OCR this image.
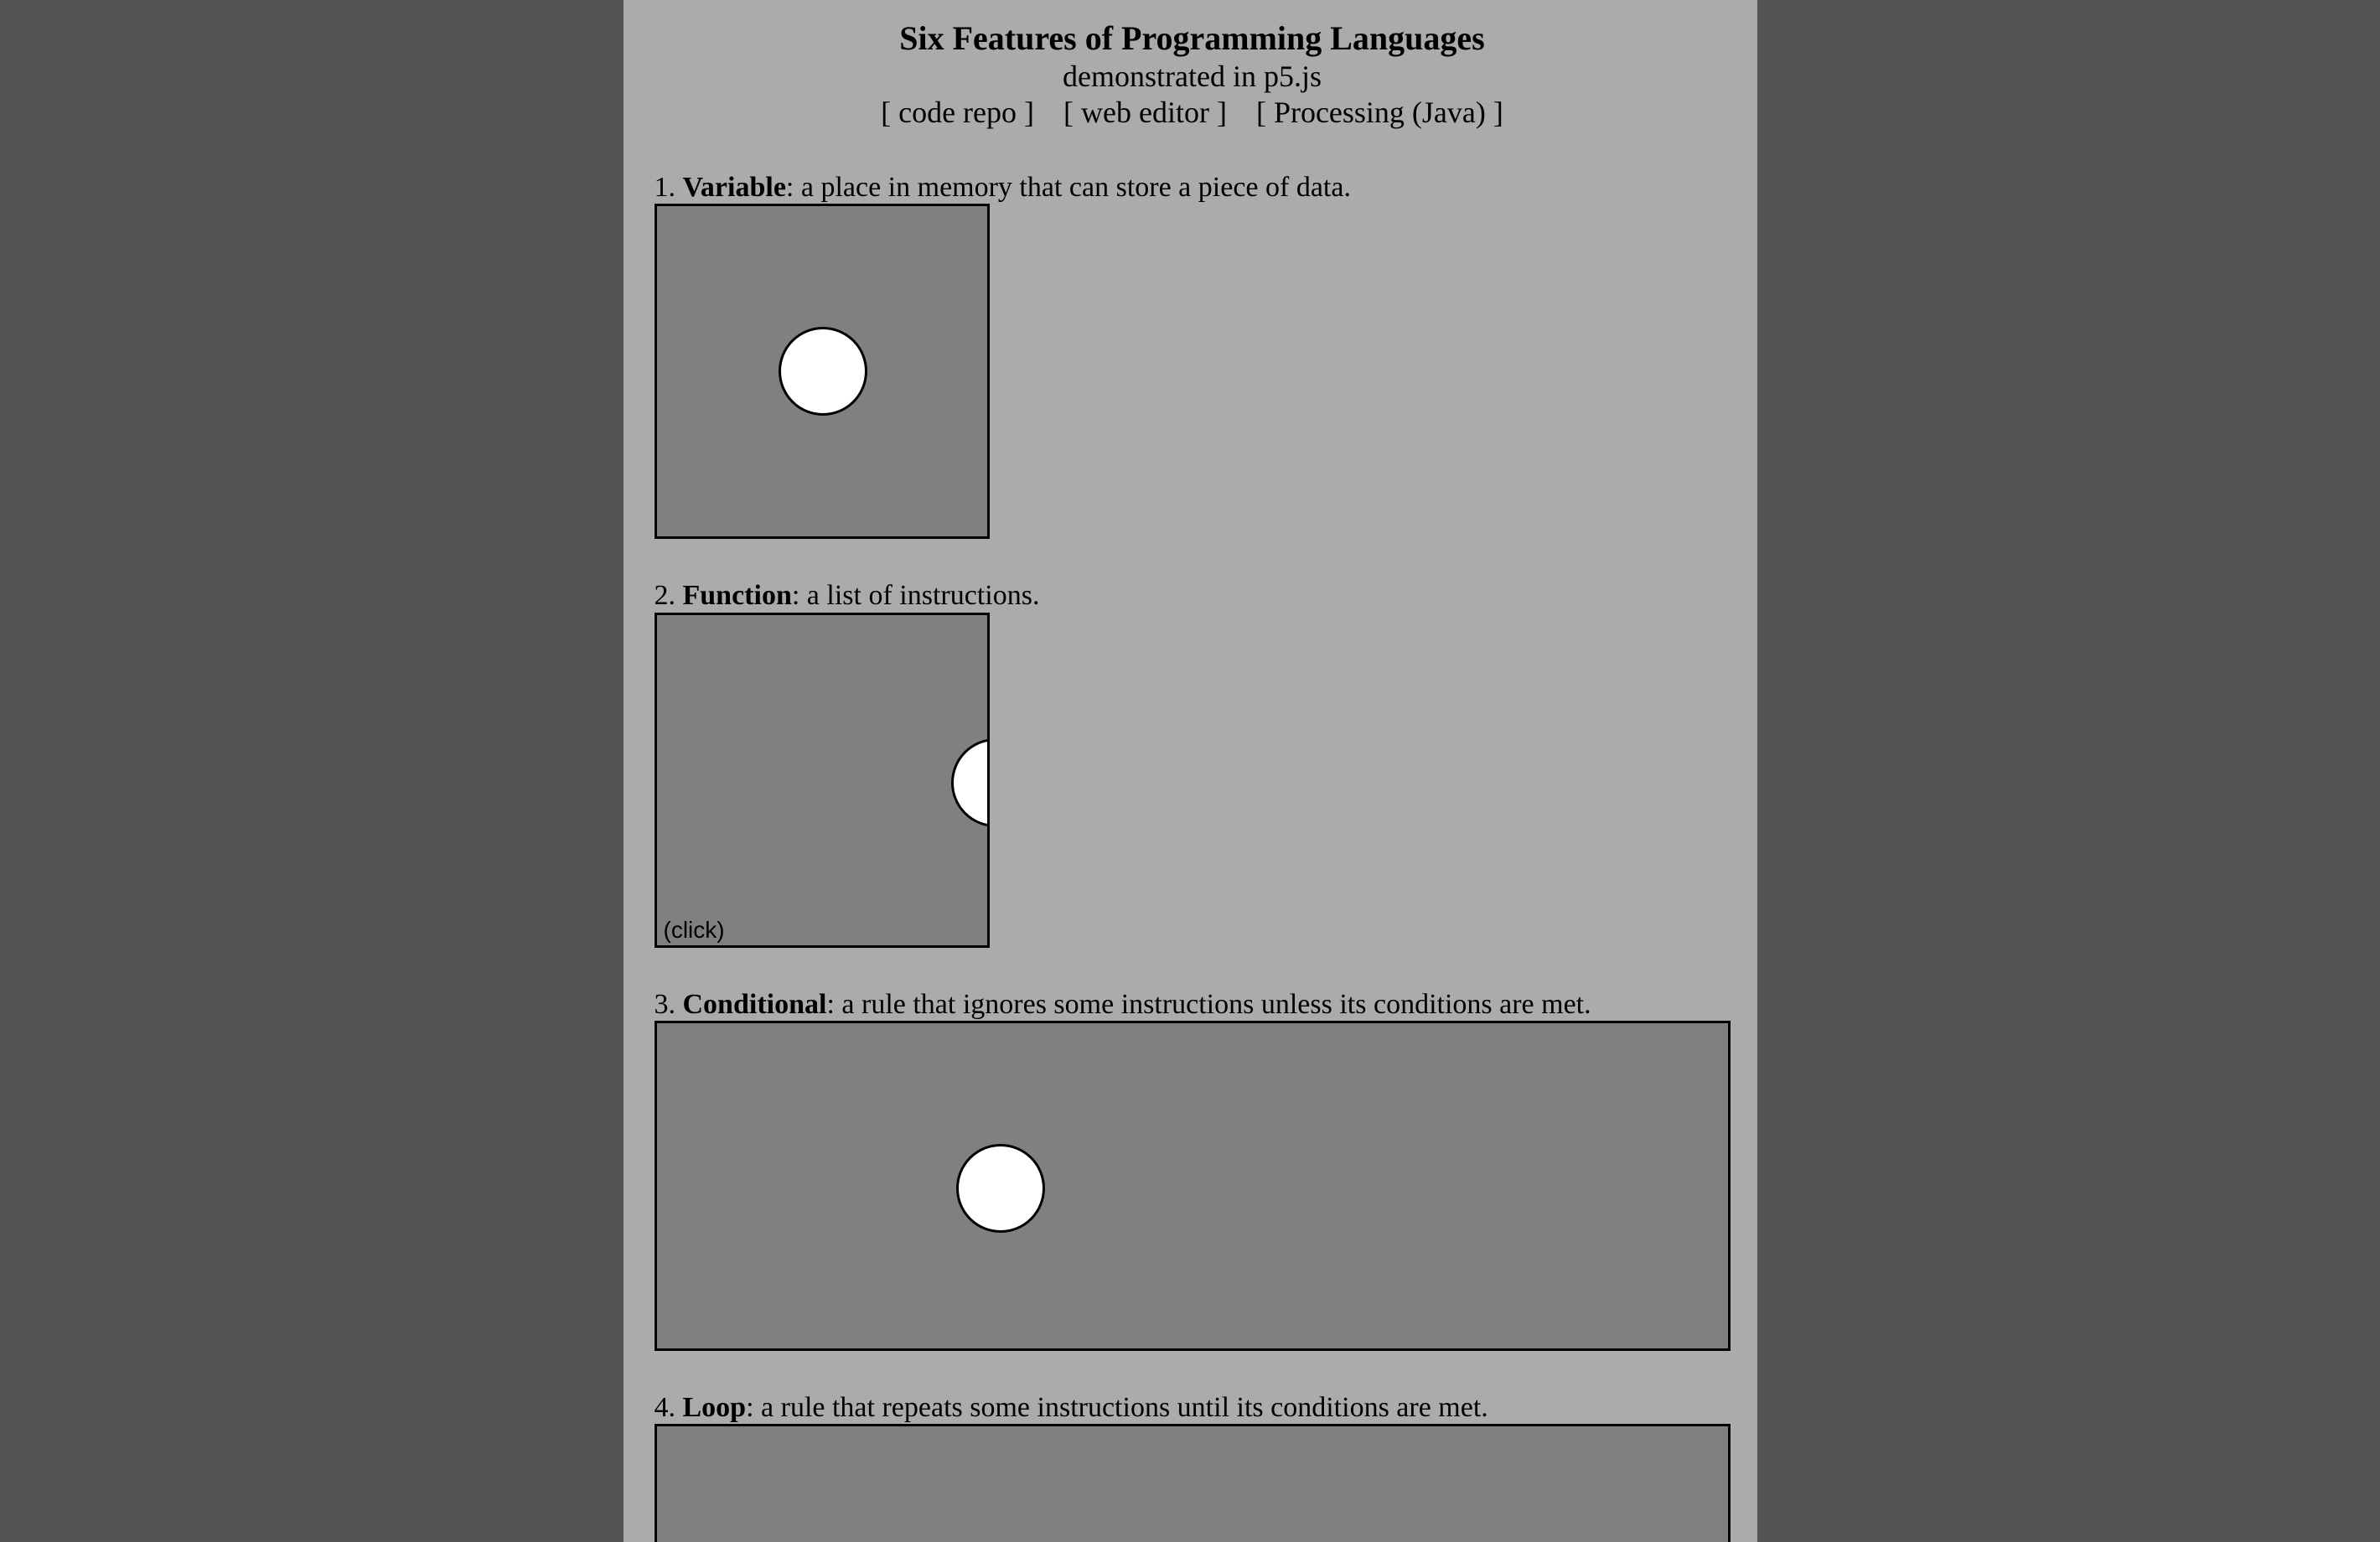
Six Features of Programming Languages
demonstrated in p5.js
[ code repo ] [ web editor ] [ Processing (Java) ]

1. Variable: a place in memory that can store a piece of data.

2. Function: a list of instructions.

(click)

3. Conditional: a rule that ignores some instructions unless its conditions are met.

4. Loop: a rule that repeats some instructions until its conditions are met.
